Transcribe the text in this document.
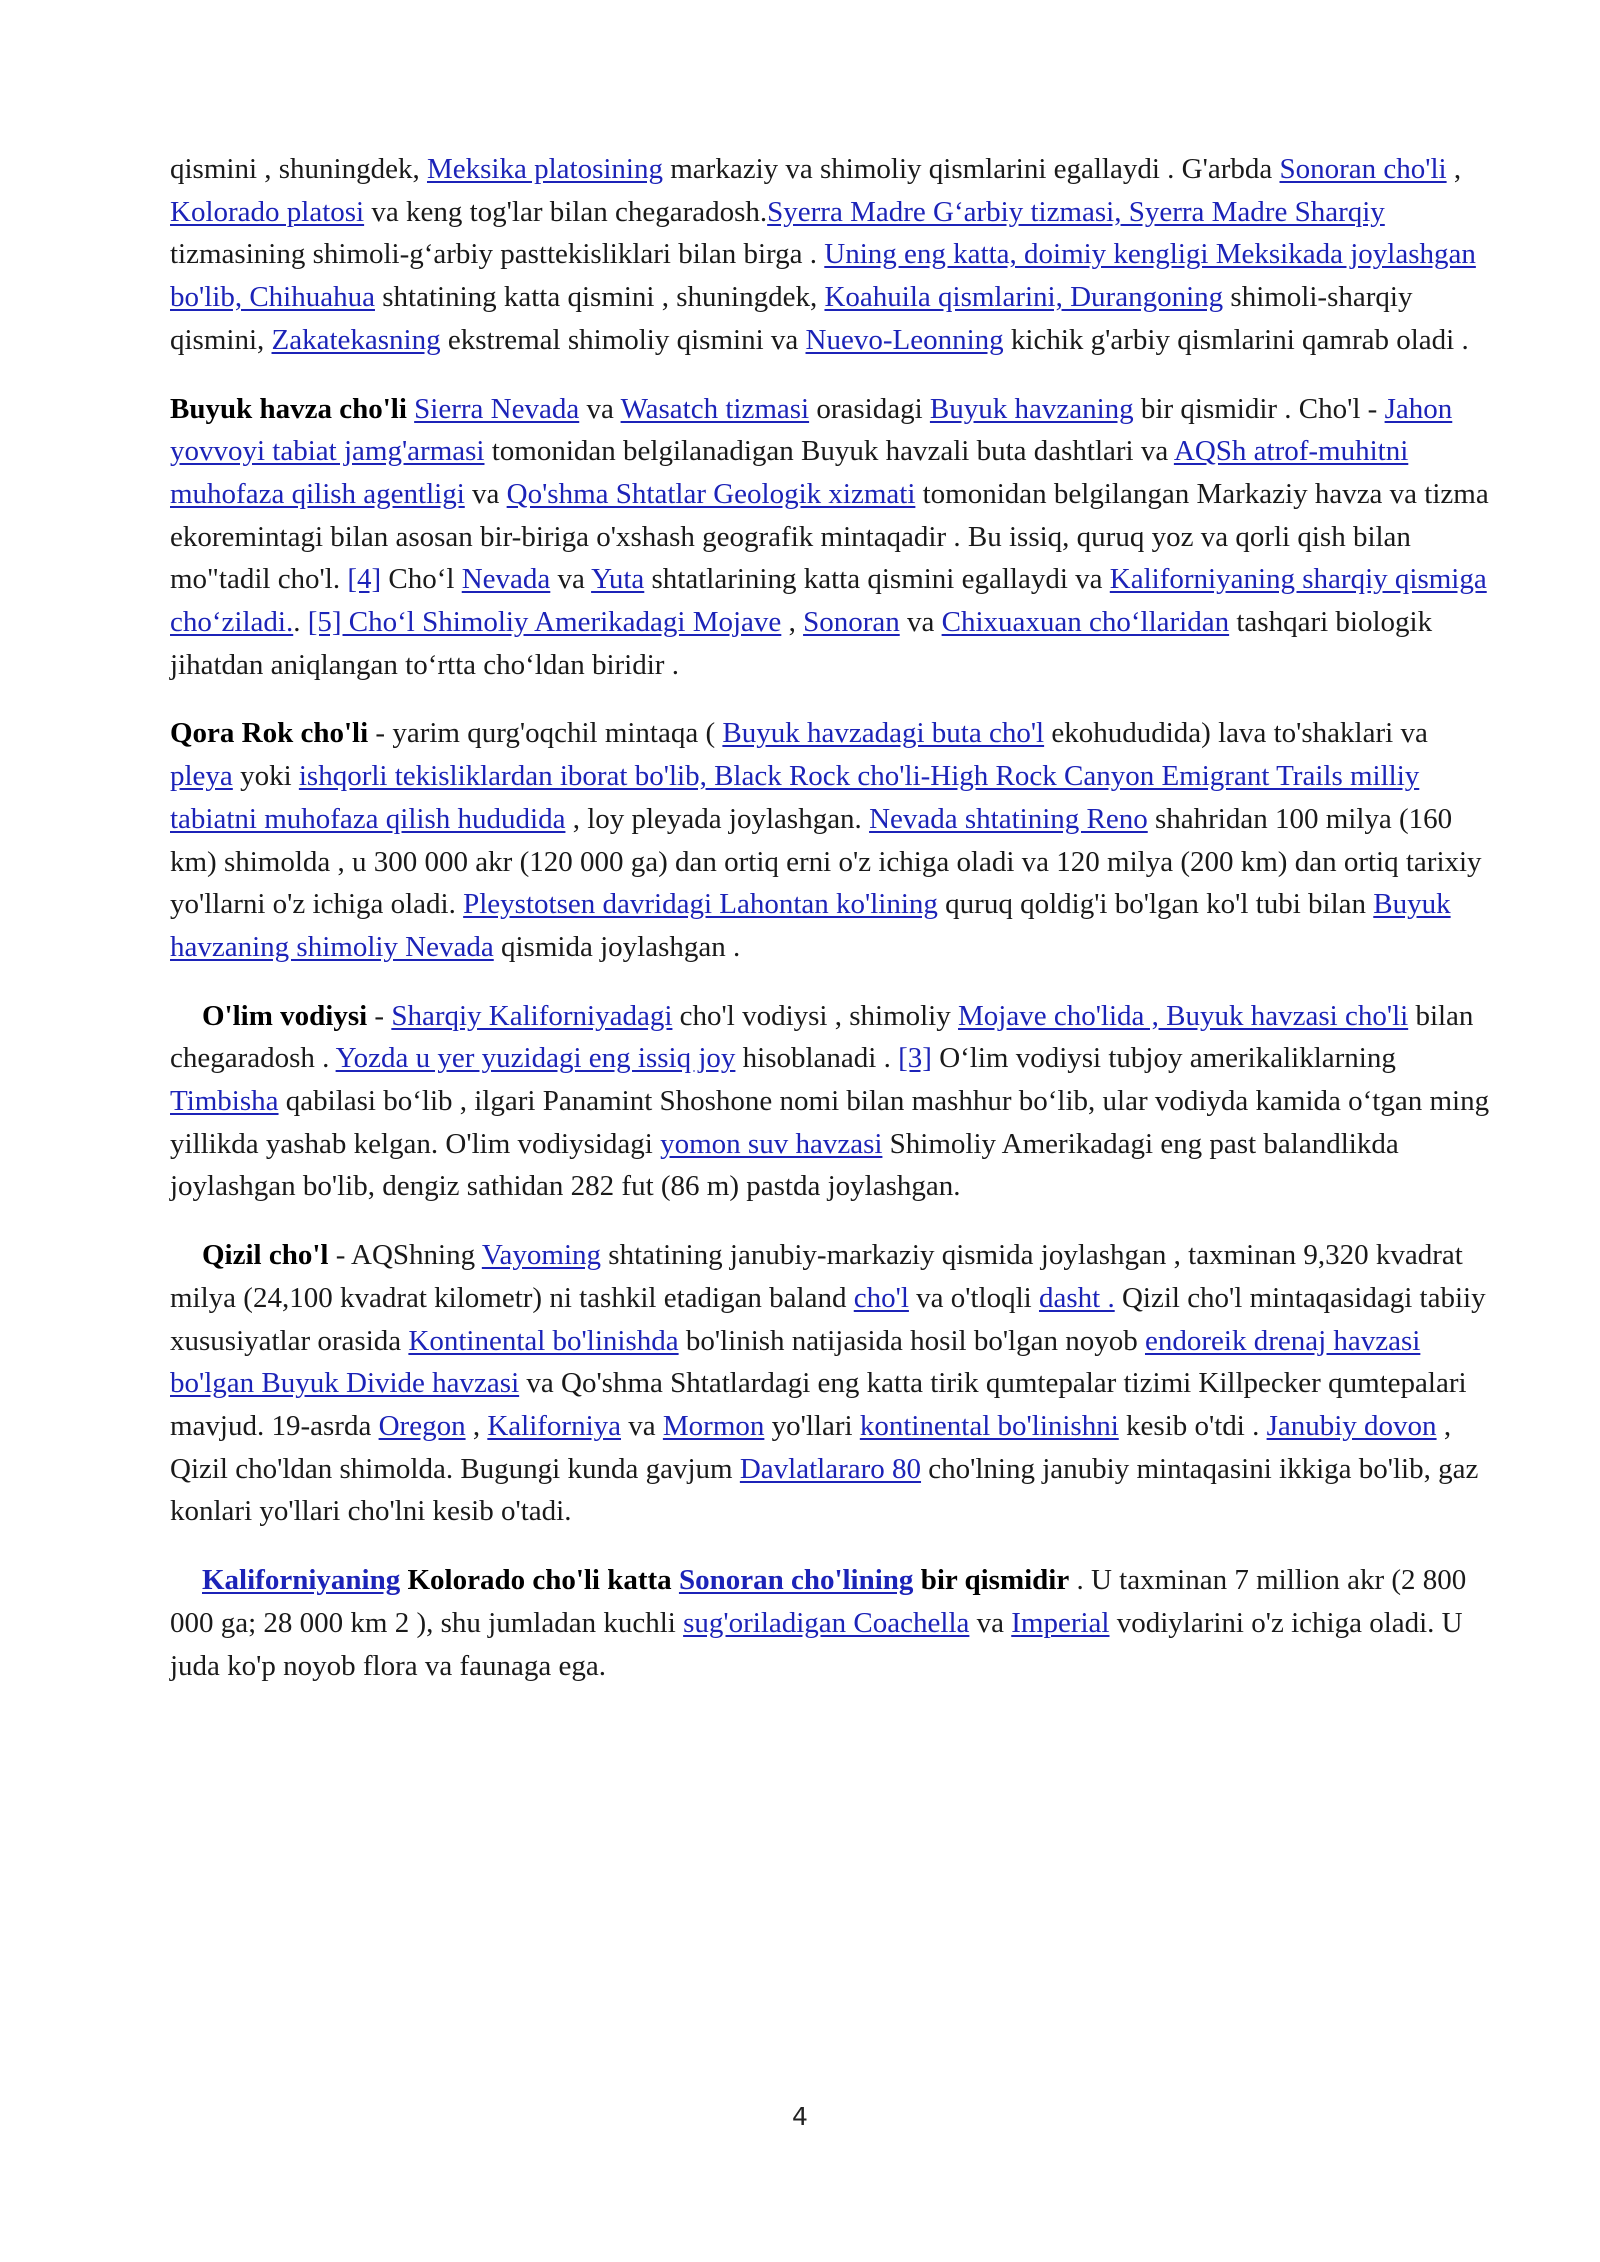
qismini , shuningdek, Meksika platosining markaziy va shimoliy qismlarini egallaydi . G'arbda Sonoran cho'li , Kolorado platosi va keng tog'lar bilan chegaradosh.Syerra Madre G‘arbiy tizmasi, Syerra Madre Sharqiy tizmasining shimoli-g‘arbiy pasttekisliklari bilan birga . Uning eng katta, doimiy kengligi Meksikada joylashgan bo'lib, Chihuahua shtatining katta qismini , shuningdek, Koahuila qismlarini, Durangoning shimoli-sharqiy qismini, Zakatekasning ekstremal shimoliy qismini va Nuevo-Leonning kichik g'arbiy qismlarini qamrab oladi .

Buyuk havza cho'li Sierra Nevada va Wasatch tizmasi orasidagi Buyuk havzaning bir qismidir . Cho'l - Jahon yovvoyi tabiat jamg'armasi tomonidan belgilanadigan Buyuk havzali buta dashtlari va AQSh atrof-muhitni muhofaza qilish agentligi va Qo'shma Shtatlar Geologik xizmati tomonidan belgilangan Markaziy havza va tizma ekoremintagi bilan asosan bir-biriga o'xshash geografik mintaqadir . Bu issiq, quruq yoz va qorli qish bilan mo"tadil cho'l. [4] Cho‘l Nevada va Yuta shtatlarining katta qismini egallaydi va Kaliforniyaning sharqiy qismiga cho‘ziladi.. [5] Cho‘l Shimoliy Amerikadagi Mojave , Sonoran va Chixuaxuan cho‘llaridan tashqari biologik jihatdan aniqlangan to‘rtta cho‘ldan biridir .

Qora Rok cho'li - yarim qurg'oqchil mintaqa ( Buyuk havzadagi buta cho'l ekohududida) lava to'shaklari va pleya yoki ishqorli tekisliklardan iborat bo'lib, Black Rock cho'li-High Rock Canyon Emigrant Trails milliy tabiatni muhofaza qilish hududida , loy pleyada joylashgan. Nevada shtatining Reno shahridan 100 milya (160 km) shimolda , u 300 000 akr (120 000 ga) dan ortiq erni o'z ichiga oladi va 120 milya (200 km) dan ortiq tarixiy yo'llarni o'z ichiga oladi. Pleystotsen davridagi Lahontan ko'lining quruq qoldig'i bo'lgan ko'l tubi bilan Buyuk havzaning shimoliy Nevada qismida joylashgan .

O'lim vodiysi - Sharqiy Kaliforniyadagi cho'l vodiysi , shimoliy Mojave cho'lida , Buyuk havzasi cho'li bilan chegaradosh . Yozda u yer yuzidagi eng issiq joy hisoblanadi . [3] O‘lim vodiysi tubjoy amerikaliklarning Timbisha qabilasi bo‘lib , ilgari Panamint Shoshone nomi bilan mashhur bo‘lib, ular vodiyda kamida o‘tgan ming yillikda yashab kelgan. O'lim vodiysidagi yomon suv havzasi Shimoliy Amerikadagi eng past balandlikda joylashgan bo'lib, dengiz sathidan 282 fut (86 m) pastda joylashgan.

Qizil cho'l - AQShning Vayoming shtatining janubiy-markaziy qismida joylashgan , taxminan 9,320 kvadrat milya (24,100 kvadrat kilometr) ni tashkil etadigan baland cho'l va o'tloqli dasht . Qizil cho'l mintaqasidagi tabiiy xususiyatlar orasida Kontinental bo'linishda bo'linish natijasida hosil bo'lgan noyob endoreik drenaj havzasi bo'lgan Buyuk Divide havzasi va Qo'shma Shtatlardagi eng katta tirik qumtepalar tizimi Killpecker qumtepalari mavjud. 19-asrda Oregon , Kaliforniya va Mormon yo'llari kontinental bo'linishni kesib o'tdi . Janubiy dovon , Qizil cho'ldan shimolda. Bugungi kunda gavjum Davlatlararo 80 cho'lning janubiy mintaqasini ikkiga bo'lib, gaz konlari yo'llari cho'lni kesib o'tadi.

Kaliforniyaning Kolorado cho'li katta Sonoran cho'lining bir qismidir . U taxminan 7 million akr (2 800 000 ga; 28 000 km 2 ), shu jumladan kuchli sug'oriladigan Coachella va Imperial vodiylarini o'z ichiga oladi. U juda ko'p noyob flora va faunaga ega.

4
